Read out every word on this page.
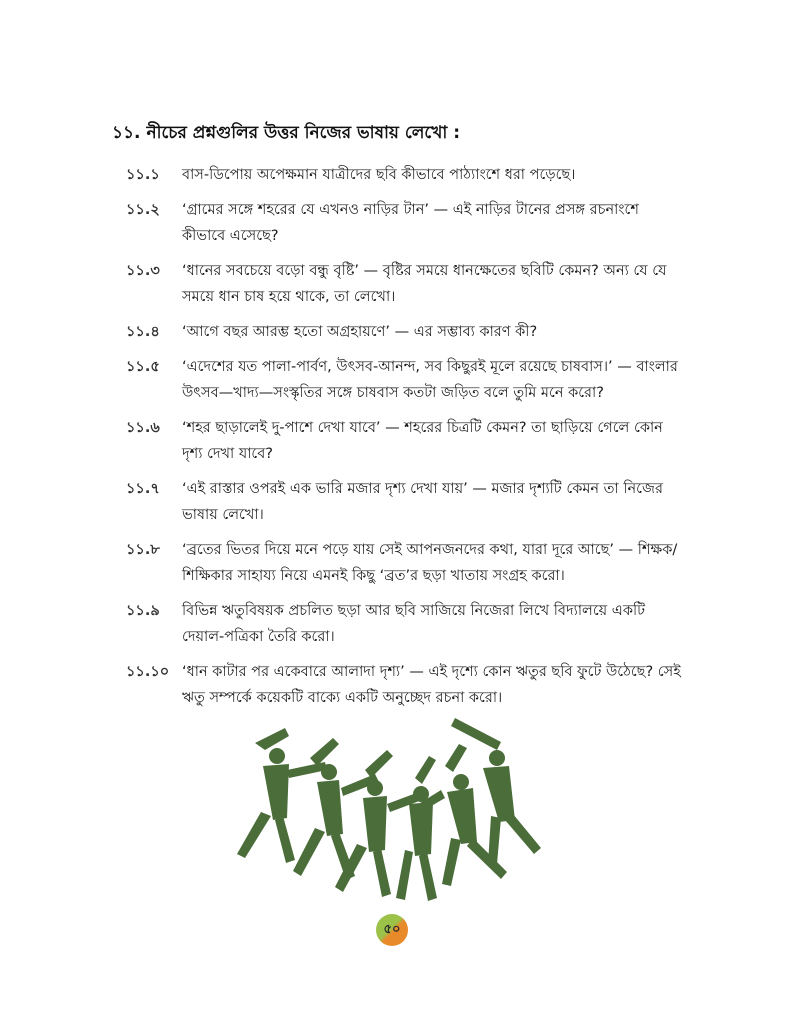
১১. নীচের প্রশ্নগুলির উত্তর নিজের ভাষায় লেখো :
১১.১	বাস-ডিপোয় অপেক্ষমান যাত্রীদের ছবি কীভাবে পাঠ্যাংশে ধরা পড়েছে।
১১.২	‘গ্রামের সঙ্গে শহরের যে এখনও নাড়ির টান’ — এই নাড়ির টানের প্রসঙ্গ রচনাংশে কীভাবে এসেছে?
১১.৩	‘ধানের সবচেয়ে বড়ো বন্ধু বৃষ্টি’ — বৃষ্টির সময়ে ধানক্ষেতের ছবিটি কেমন? অন্য যে যে সময়ে ধান চাষ হয়ে থাকে, তা লেখো।
১১.৪	‘আগে বছর আরম্ভ হতো অগ্রহায়ণে’ — এর সম্ভাব্য কারণ কী?
১১.৫	‘এদেশের যত পালা-পার্বণ, উৎসব-আনন্দ, সব কিছুরই মূলে রয়েছে চাষবাস।’ — বাংলার উৎসব—খাদ্য—সংস্কৃতির সঙ্গে চাষবাস কতটা জড়িত বলে তুমি মনে করো?
১১.৬	‘শহর ছাড়ালেই দু-পাশে দেখা যাবে’ — শহরের চিত্রটি কেমন? তা ছাড়িয়ে গেলে কোন দৃশ্য দেখা যাবে?
১১.৭	‘এই রাস্তার ওপরই এক ভারি মজার দৃশ্য দেখা যায়’ — মজার দৃশ্যটি কেমন তা নিজের ভাষায় লেখো।
১১.৮	‘ব্রতের ভিতর দিয়ে মনে পড়ে যায় সেই আপনজনদের কথা, যারা দূরে আছে’ — শিক্ষক/শিক্ষিকার সাহায্য নিয়ে এমনই কিছু ‘ব্রত’র ছড়া খাতায় সংগ্রহ করো।
১১.৯	বিভিন্ন ঋতুবিষয়ক প্রচলিত ছড়া আর ছবি সাজিয়ে নিজেরা লিখে বিদ্যালয়ে একটি দেয়াল-পত্রিকা তৈরি করো।
১১.১০ ‘ধান কাটার পর একেবারে আলাদা দৃশ্য’ — এই দৃশ্যে কোন ঋতুর ছবি ফুটে উঠেছে? সেই ঋতু সম্পর্কে কয়েকটি বাক্যে একটি অনুচ্ছেদ রচনা করো।
৫০
